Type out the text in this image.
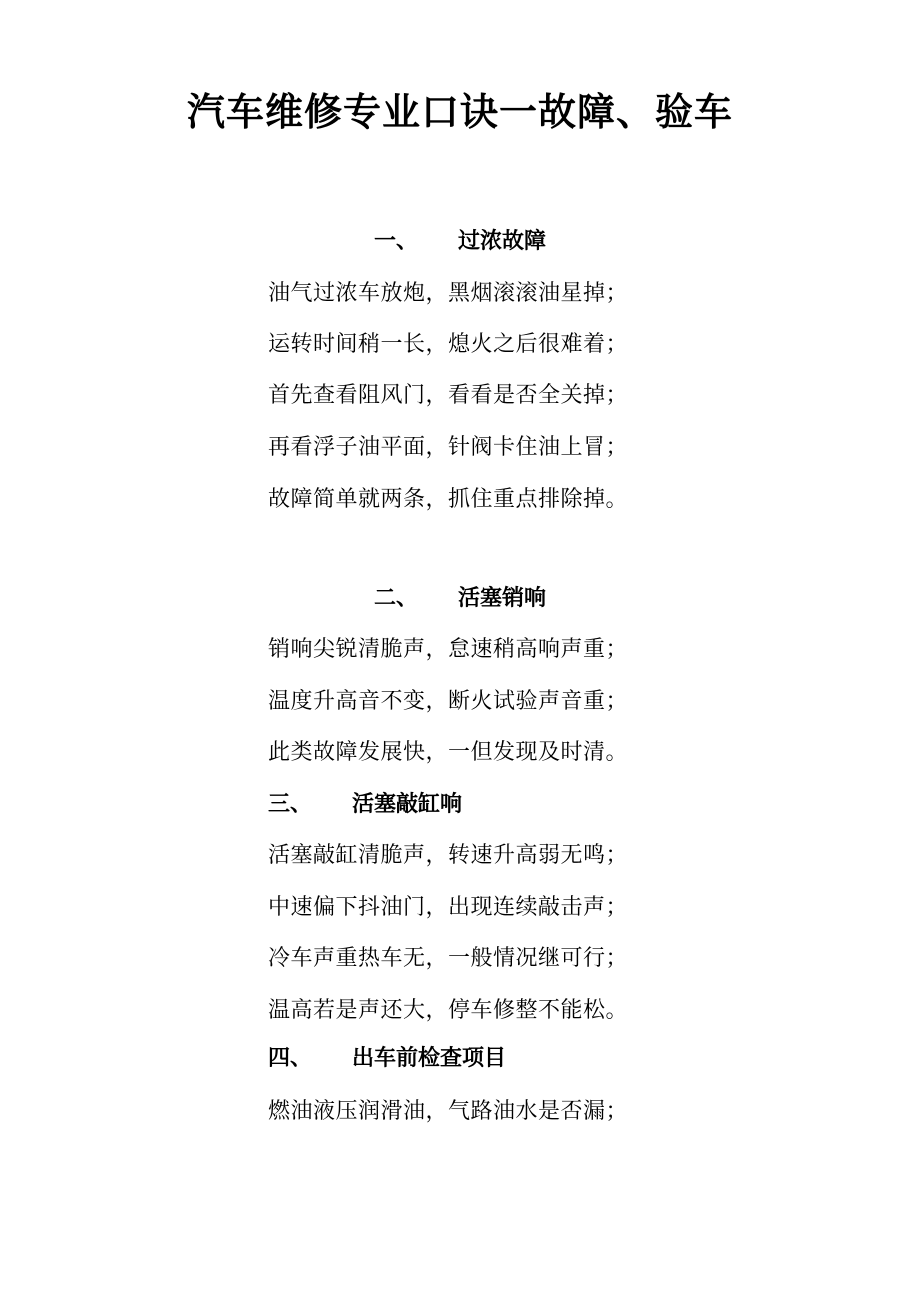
汽车维修专业口诀一故障、验车
一、 过浓故障
油气过浓车放炮，黑烟滚滚油星掉；
运转时间稍一长，熄火之后很难着；
首先查看阻风门，看看是否全关掉；
再看浮子油平面，针阀卡住油上冒；
故障简单就两条，抓住重点排除掉。
二、 活塞销响
销响尖锐清脆声，怠速稍高响声重；
温度升高音不变，断火试验声音重；
此类故障发展快，一但发现及时清。
三、 活塞敲缸响
活塞敲缸清脆声，转速升高弱无鸣；
中速偏下抖油门，出现连续敲击声；
冷车声重热车无，一般情况继可行；
温高若是声还大，停车修整不能松。
四、 出车前检查项目
燃油液压润滑油，气路油水是否漏；
